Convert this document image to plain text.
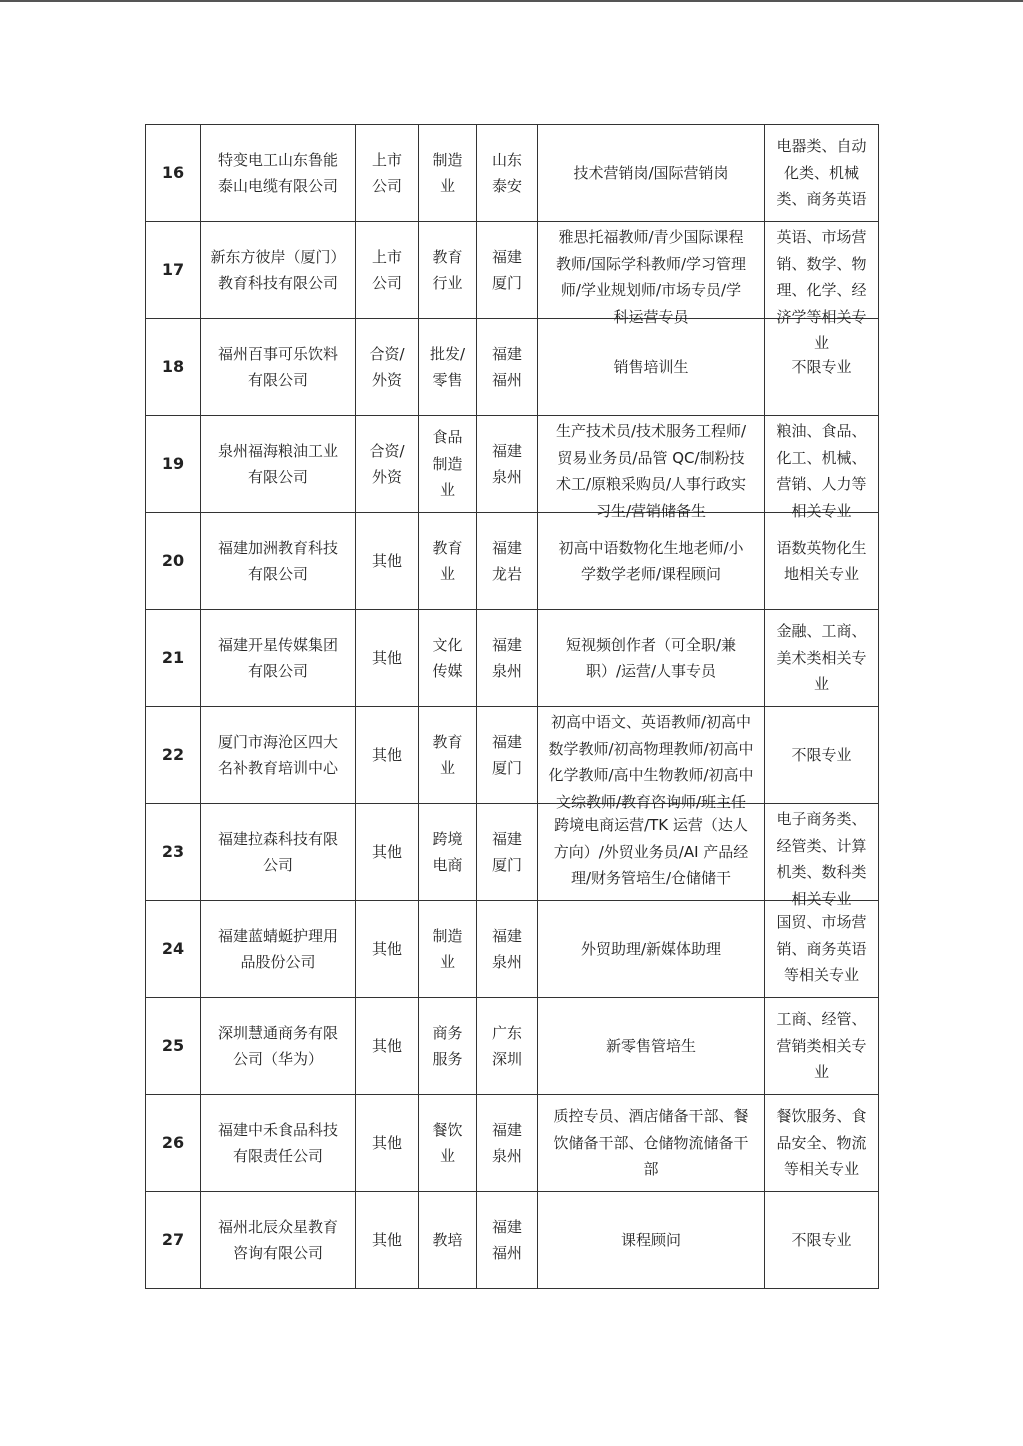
16	特变电工山东鲁能泰山电缆有限公司	上市公司	制造业	山东泰安	技术营销岗/国际营销岗	电器类、自动化类、机械类、商务英语

17	新东方彼岸（厦门）教育科技有限公司	上市公司	教育行业	福建厦门	雅思托福教师/青少国际课程教师/国际学科教师/学习管理师/学业规划师/市场专员/学科运营专员	英语、市场营销、数学、物理、化学、经济学等相关专业

18	福州百事可乐饮料有限公司	合资/外资	批发/零售	福建福州	销售培训生	不限专业

19	泉州福海粮油工业有限公司	合资/外资	食品制造业	福建泉州	生产技术员/技术服务工程师/贸易业务员/品管 QC/制粉技术工/原粮采购员/人事行政实习生/营销储备生	粮油、食品、化工、机械、营销、人力等相关专业

20	福建加洲教育科技有限公司	其他	教育业	福建龙岩	初高中语数物化生地老师/小学数学老师/课程顾问	语数英物化生地相关专业

21	福建开星传媒集团有限公司	其他	文化传媒	福建泉州	短视频创作者（可全职/兼职）/运营/人事专员	金融、工商、美术类相关专业

22	厦门市海沧区四大名补教育培训中心	其他	教育业	福建厦门	初高中语文、英语教师/初高中数学教师/初高物理教师/初高中化学教师/高中生物教师/初高中文综教师/教育咨询师/班主任	不限专业

23	福建拉森科技有限公司	其他	跨境电商	福建厦门	跨境电商运营/TK 运营（达人方向）/外贸业务员/AI 产品经理/财务管培生/仓储储干	电子商务类、经管类、计算机类、数科类相关专业

24	福建蓝蜻蜓护理用品股份公司	其他	制造业	福建泉州	外贸助理/新媒体助理	国贸、市场营销、商务英语等相关专业

25	深圳慧通商务有限公司（华为）	其他	商务服务	广东深圳	新零售管培生	工商、经管、营销类相关专业

26	福建中禾食品科技有限责任公司	其他	餐饮业	福建泉州	质控专员、酒店储备干部、餐饮储备干部、仓储物流储备干部	餐饮服务、食品安全、物流等相关专业

27	福州北辰众星教育咨询有限公司	其他	教培	福建福州	课程顾问	不限专业
